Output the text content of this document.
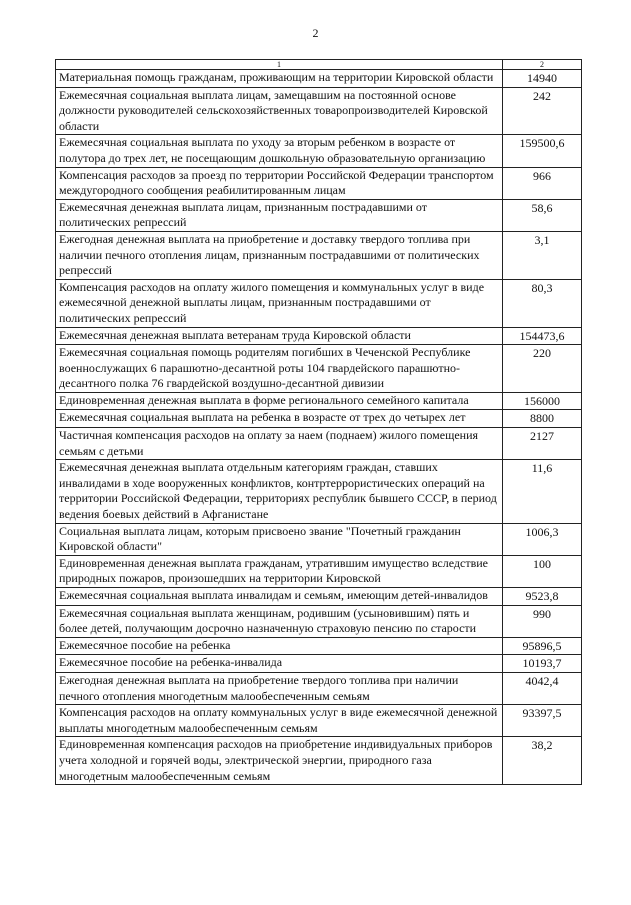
2
1	2
Материальная помощь гражданам, проживающим на территории Кировской области	14940
Ежемесячная социальная выплата лицам, замещавшим на постоянной основе должности руководителей сельскохозяйственных товаропроизводителей Кировской области	242
Ежемесячная социальная выплата по уходу за вторым ребенком в возрасте от полутора до трех лет, не посещающим дошкольную образовательную организацию	159500,6
Компенсация расходов за проезд по территории Российской Федерации транспортом междугородного сообщения реабилитированным лицам	966
Ежемесячная денежная выплата лицам, признанным пострадавшими от политических репрессий	58,6
Ежегодная денежная выплата на приобретение и доставку твердого топлива при наличии печного отопления лицам, признанным пострадавшими от политических репрессий	3,1
Компенсация расходов на оплату жилого помещения и коммунальных услуг в виде ежемесячной денежной выплаты лицам, признанным пострадавшими от политических репрессий	80,3
Ежемесячная денежная выплата ветеранам труда Кировской области	154473,6
Ежемесячная социальная помощь родителям погибших в Чеченской Республике военнослужащих 6 парашютно-десантной роты 104 гвардейского парашютно-десантного полка 76 гвардейской воздушно-десантной дивизии	220
Единовременная денежная выплата в форме регионального семейного капитала	156000
Ежемесячная социальная выплата на ребенка в возрасте от трех до четырех лет	8800
Частичная компенсация расходов на оплату за наем (поднаем) жилого помещения семьям с детьми	2127
Ежемесячная денежная выплата отдельным категориям граждан, ставших инвалидами в ходе вооруженных конфликтов, контртеррористических операций на территории Российской Федерации, территориях республик бывшего СССР, в период ведения боевых действий в Афганистане	11,6
Социальная выплата лицам, которым присвоено звание "Почетный гражданин Кировской области"	1006,3
Единовременная денежная выплата гражданам, утратившим имущество вследствие природных пожаров, произошедших на территории Кировской	100
Ежемесячная социальная выплата инвалидам и семьям, имеющим детей-инвалидов	9523,8
Ежемесячная социальная выплата женщинам, родившим (усыновившим) пять и более детей, получающим досрочно назначенную страховую пенсию по старости	990
Ежемесячное пособие на ребенка	95896,5
Ежемесячное пособие на ребенка-инвалида	10193,7
Ежегодная денежная выплата на приобретение твердого топлива при наличии печного отопления многодетным малообеспеченным семьям	4042,4
Компенсация расходов на оплату коммунальных услуг в виде ежемесячной денежной выплаты многодетным малообеспеченным семьям	93397,5
Единовременная компенсация расходов на приобретение индивидуальных приборов учета холодной и горячей воды, электрической энергии, природного газа многодетным малообеспеченным семьям	38,2
